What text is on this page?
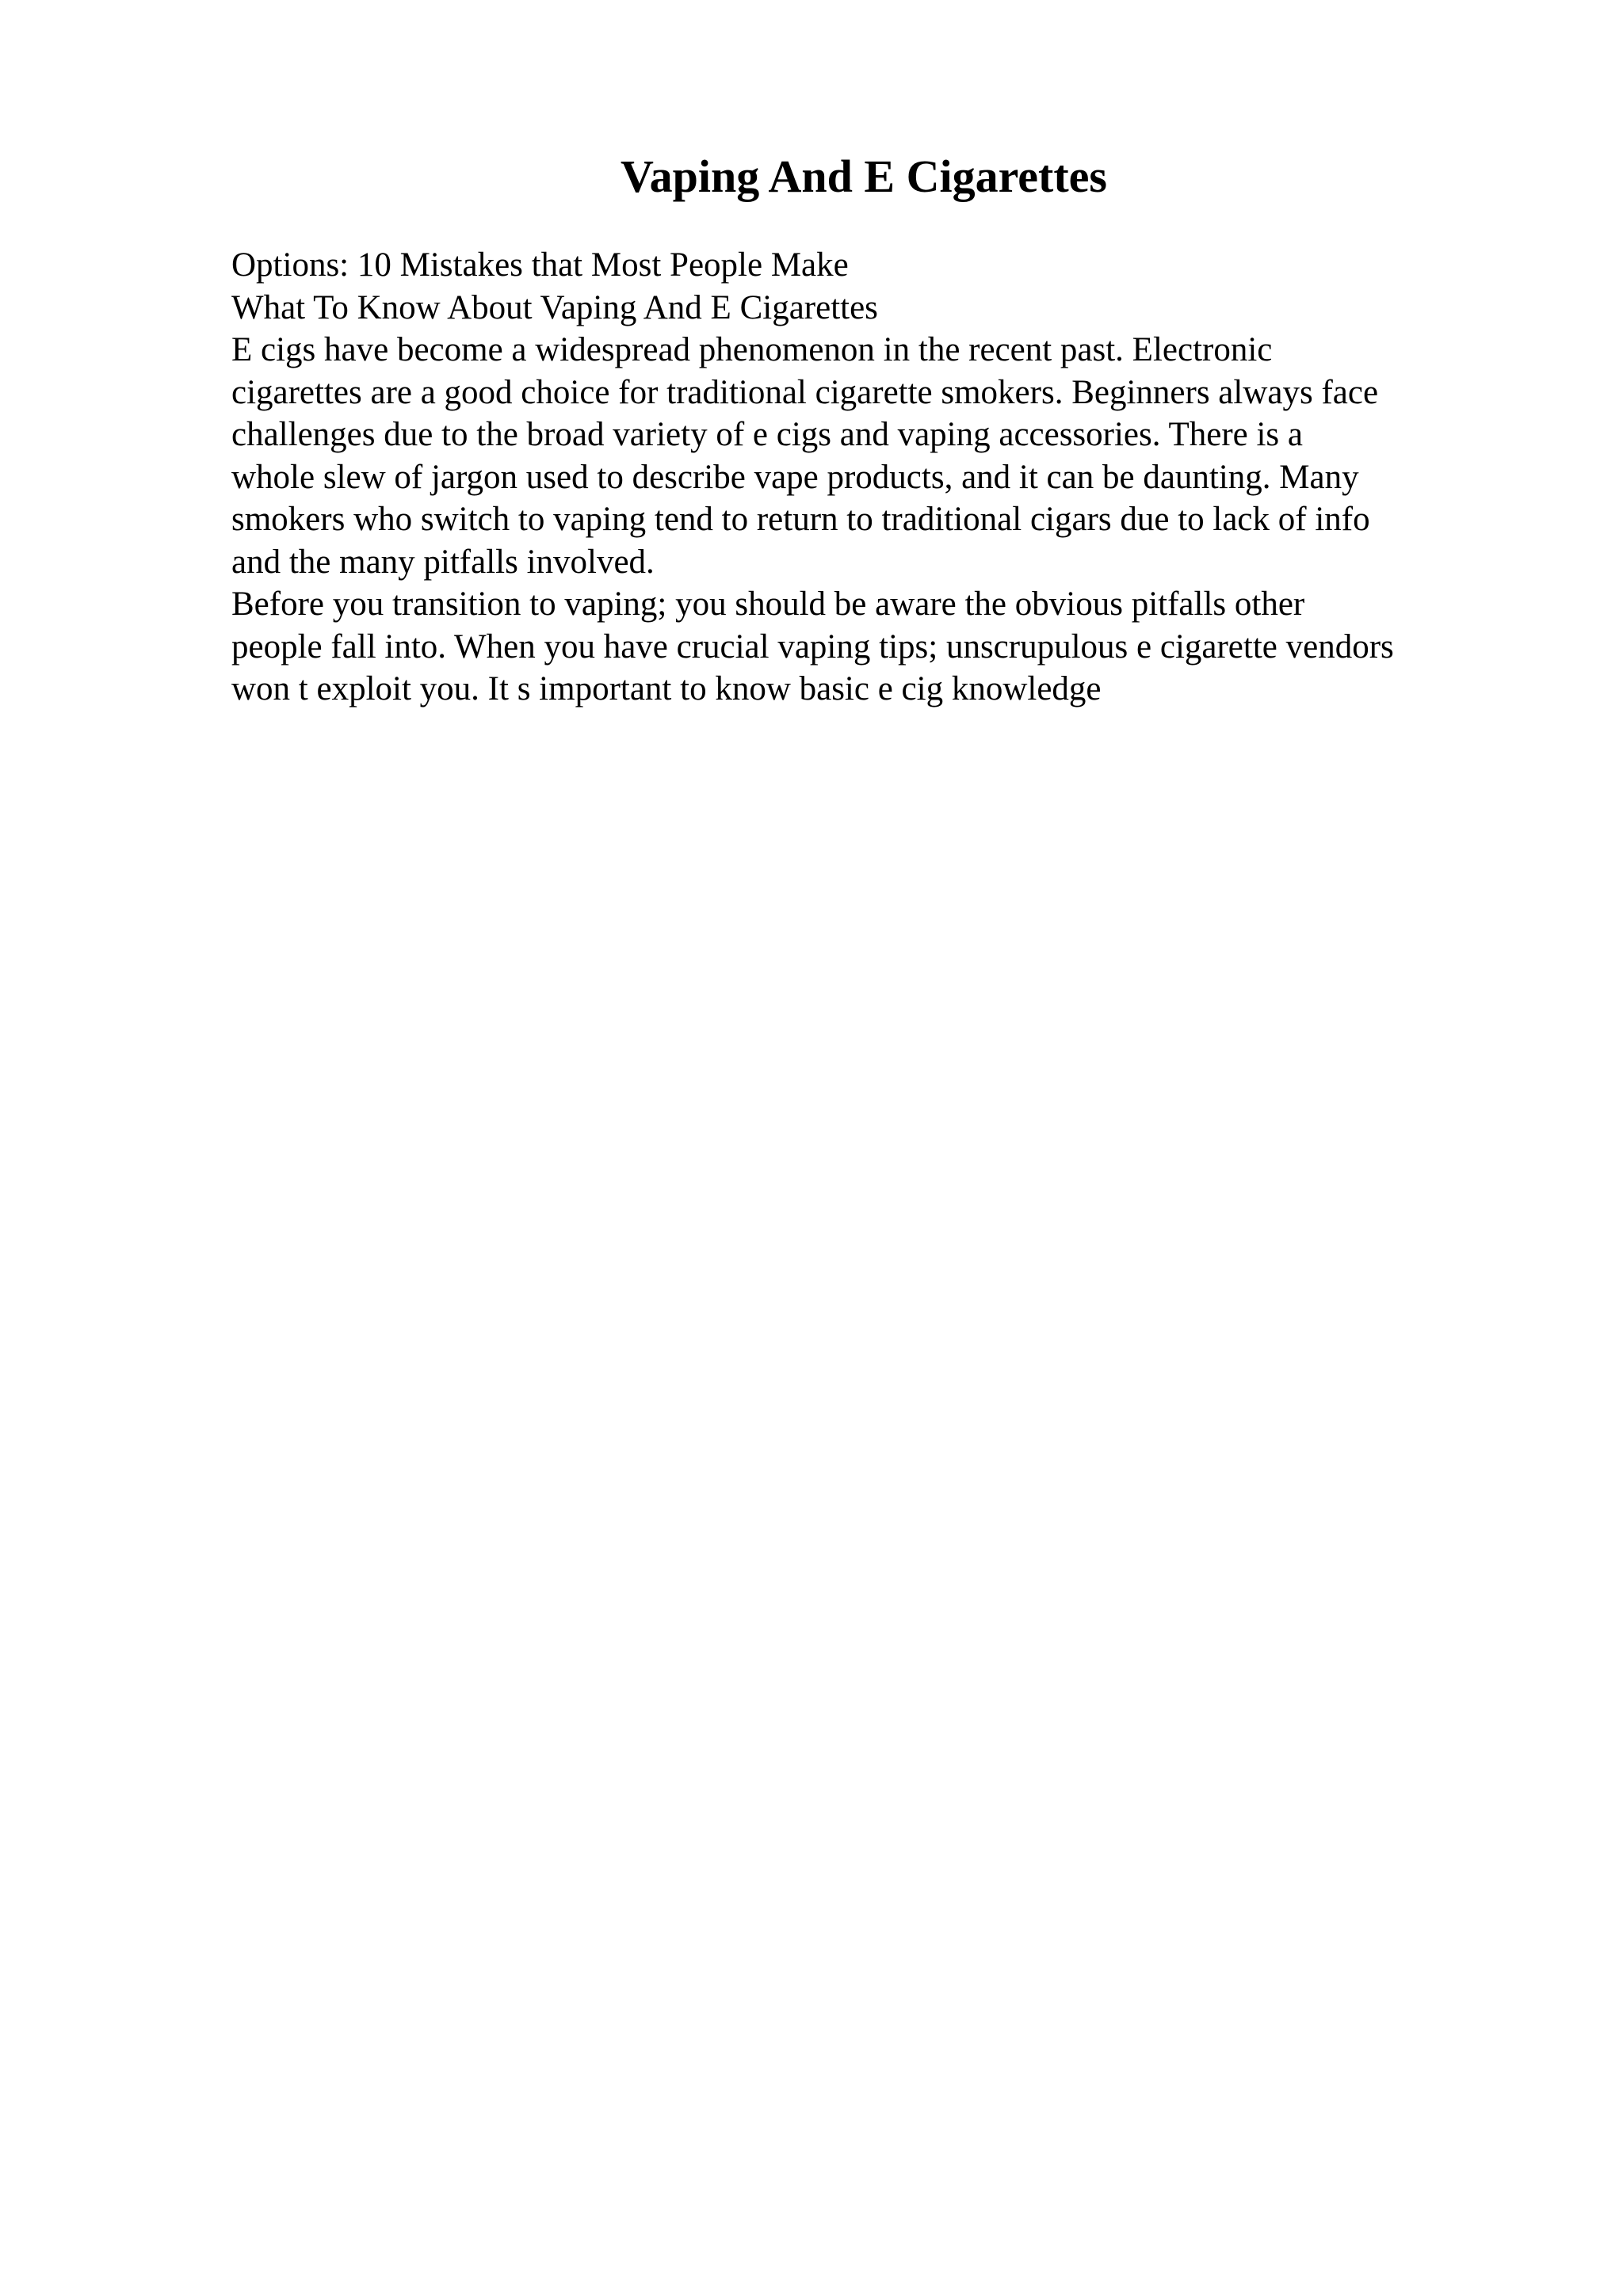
Vaping And E Cigarettes
Options: 10 Mistakes that Most People Make
What To Know About Vaping And E Cigarettes
E cigs have become a widespread phenomenon in the recent past. Electronic
cigarettes are a good choice for traditional cigarette smokers. Beginners always face
challenges due to the broad variety of e cigs and vaping accessories. There is a
whole slew of jargon used to describe vape products, and it can be daunting. Many
smokers who switch to vaping tend to return to traditional cigars due to lack of info
and the many pitfalls involved.
Before you transition to vaping; you should be aware the obvious pitfalls other
people fall into. When you have crucial vaping tips; unscrupulous e cigarette vendors
won t exploit you. It s important to know basic e cig knowledge
